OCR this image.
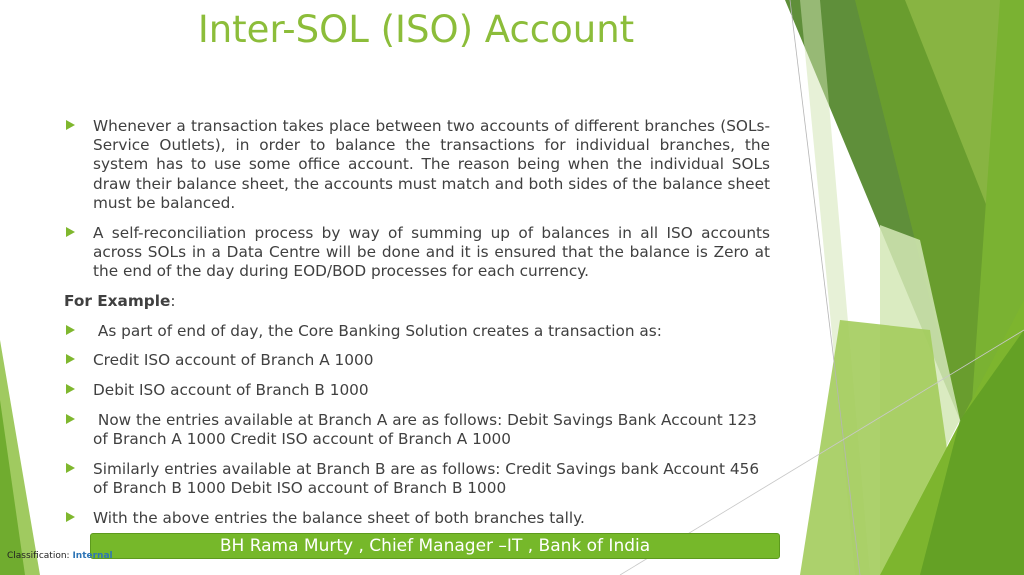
Inter-SOL (ISO) Account
Whenever a transaction takes place between two accounts of different branches (SOLs-Service Outlets), in order to balance the transactions for individual branches, the system has to use some office account. The reason being when the individual SOLs draw their balance sheet, the accounts must match and both sides of the balance sheet must be balanced.
A self-reconciliation process by way of summing up of balances in all ISO accounts across SOLs in a Data Centre will be done and it is ensured that the balance is Zero at the end of the day during EOD/BOD processes for each currency.
For Example:
As part of end of day, the Core Banking Solution creates a transaction as:
Credit ISO account of Branch A 1000
Debit ISO account of Branch B 1000
Now the entries available at Branch A are as follows: Debit Savings Bank Account 123 of Branch A 1000 Credit ISO account of Branch A 1000
Similarly entries available at Branch B are as follows: Credit Savings bank Account 456 of Branch B 1000 Debit ISO account of Branch B 1000
With the above entries the balance sheet of both branches tally.
BH Rama Murty , Chief Manager –IT , Bank of India
Classification: Internal
